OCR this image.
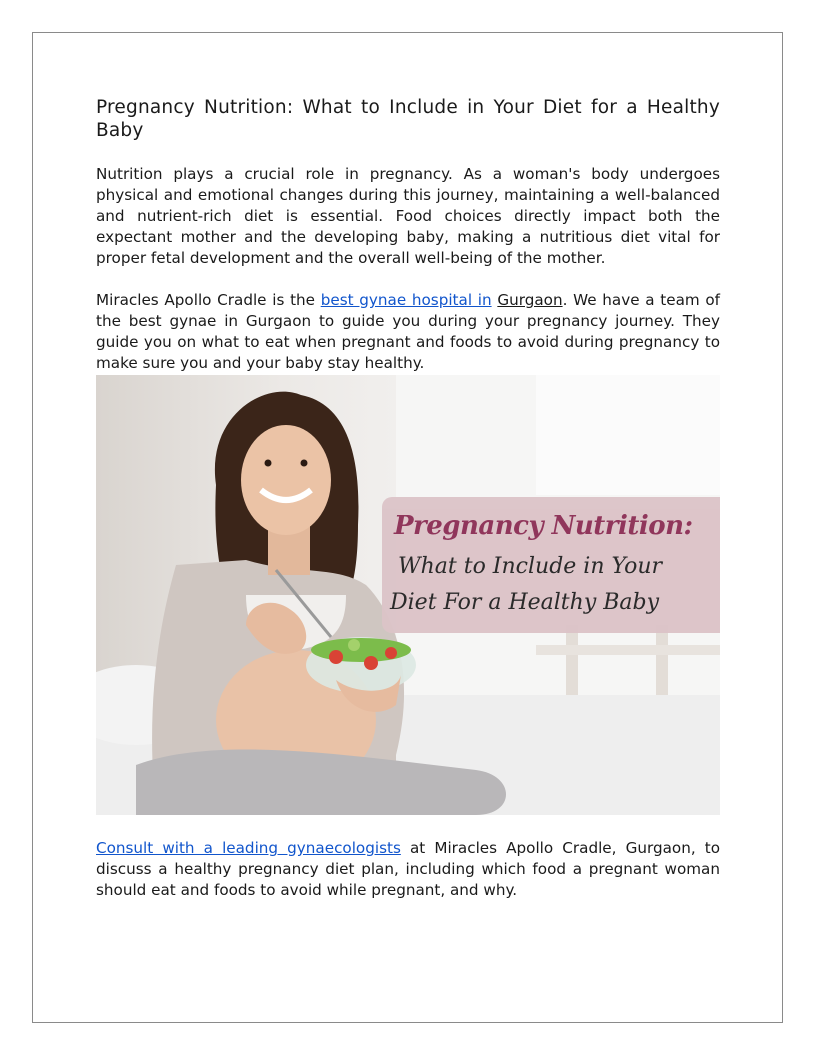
Pregnancy Nutrition: What to Include in Your Diet for a Healthy Baby

Nutrition plays a crucial role in pregnancy. As a woman's body undergoes physical and emotional changes during this journey, maintaining a well-balanced and nutrient-rich diet is essential. Food choices directly impact both the expectant mother and the developing baby, making a nutritious diet vital for proper fetal development and the overall well-being of the mother.

Miracles Apollo Cradle is the best gynae hospital in Gurgaon. We have a team of the best gynae in Gurgaon to guide you during your pregnancy journey. They guide you on what to eat when pregnant and foods to avoid during pregnancy to make sure you and your baby stay healthy.

Pregnancy Nutrition:
What to Include in Your
Diet For a Healthy Baby

Consult with a leading gynaecologists at Miracles Apollo Cradle, Gurgaon, to discuss a healthy pregnancy diet plan, including which food a pregnant woman should eat and foods to avoid while pregnant, and why.
